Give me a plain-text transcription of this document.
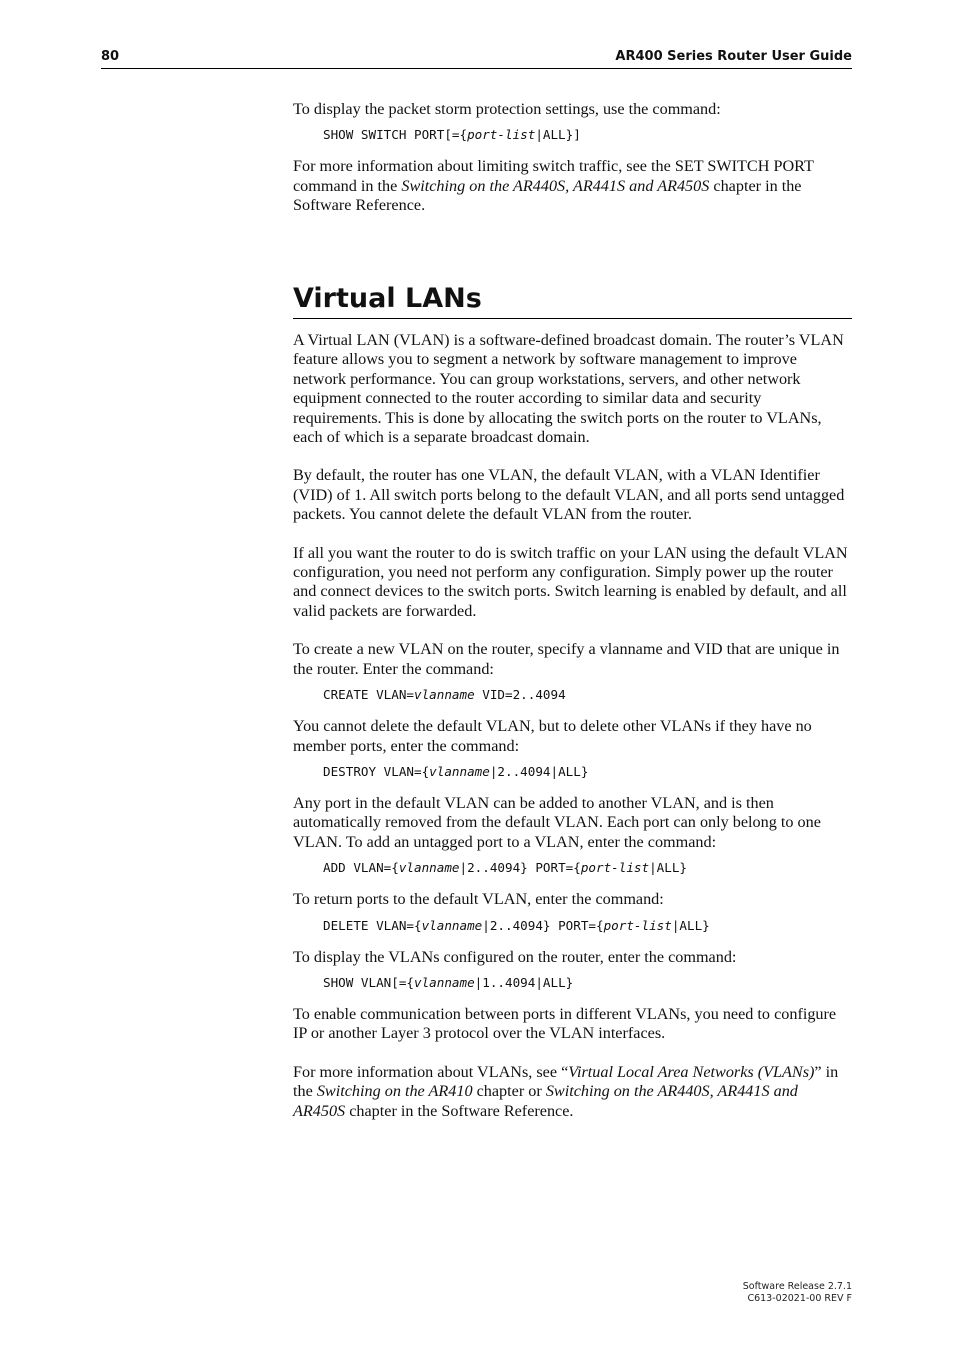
80	AR400 Series Router User Guide

To display the packet storm protection settings, use the command:

SHOW SWITCH PORT[={port-list|ALL}]

For more information about limiting switch traffic, see the SET SWITCH PORT command in the Switching on the AR440S, AR441S and AR450S chapter in the Software Reference.

Virtual LANs

A Virtual LAN (VLAN) is a software-defined broadcast domain. The router’s VLAN feature allows you to segment a network by software management to improve network performance. You can group workstations, servers, and other network equipment connected to the router according to similar data and security requirements. This is done by allocating the switch ports on the router to VLANs, each of which is a separate broadcast domain.

By default, the router has one VLAN, the default VLAN, with a VLAN Identifier (VID) of 1. All switch ports belong to the default VLAN, and all ports send untagged packets. You cannot delete the default VLAN from the router.

If all you want the router to do is switch traffic on your LAN using the default VLAN configuration, you need not perform any configuration. Simply power up the router and connect devices to the switch ports. Switch learning is enabled by default, and all valid packets are forwarded.

To create a new VLAN on the router, specify a vlanname and VID that are unique in the router. Enter the command:

CREATE VLAN=vlanname VID=2..4094

You cannot delete the default VLAN, but to delete other VLANs if they have no member ports, enter the command:

DESTROY VLAN={vlanname|2..4094|ALL}

Any port in the default VLAN can be added to another VLAN, and is then automatically removed from the default VLAN. Each port can only belong to one VLAN. To add an untagged port to a VLAN, enter the command:

ADD VLAN={vlanname|2..4094} PORT={port-list|ALL}

To return ports to the default VLAN, enter the command:

DELETE VLAN={vlanname|2..4094} PORT={port-list|ALL}

To display the VLANs configured on the router, enter the command:

SHOW VLAN[={vlanname|1..4094|ALL}

To enable communication between ports in different VLANs, you need to configure IP or another Layer 3 protocol over the VLAN interfaces.

For more information about VLANs, see “Virtual Local Area Networks (VLANs)” in the Switching on the AR410 chapter or Switching on the AR440S, AR441S and AR450S chapter in the Software Reference.

Software Release 2.7.1
C613-02021-00 REV F
